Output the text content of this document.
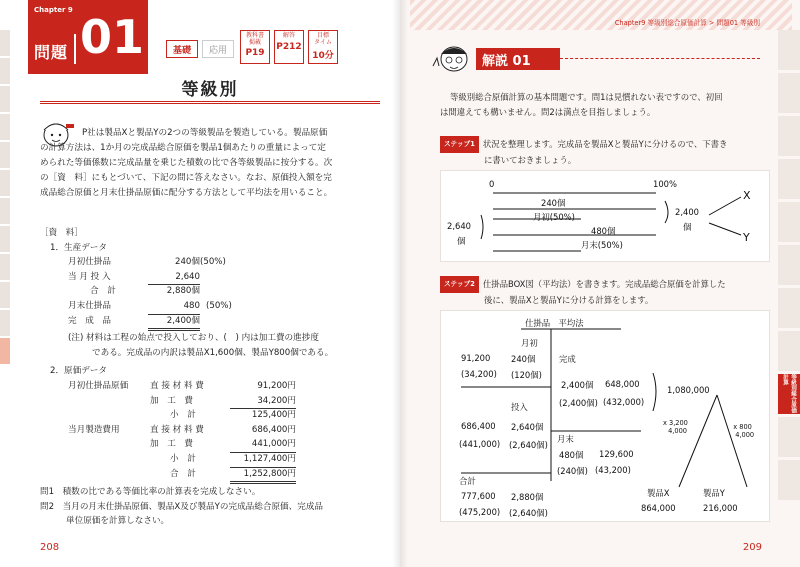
Chapter 9
問題 01	基礎	応用
教科書
掲載
P19
解答
P212
目標
タイム
10分
等級別
P社は製品Xと製品Yの2つの等級製品を製造している。製品原価
の計算方法は、1か月の完成品総合原価を製品1個あたりの重量によって定
められた等価係数に完成品量を乗じた積数の比で各等級製品に按分する。次
の［資　料］にもとづいて、下記の問に答えなさい。なお、原価投入額を完
成品総合原価と月末仕掛品原価に配分する方法として平均法を用いること。
［資　料］
1．生産データ
月初仕掛品	240個 (50%)
当 月 投 入	2,640
合　計	2,880個
月末仕掛品	480 (50%)
完　成　品	2,400個
(注) 材料は工程の始点で投入しており、(　) 内は加工費の進捗度
である。完成品の内訳は製品X1,600個、製品Y800個である。
2．原価データ
月初仕掛品原価	直 接 材 料 費	91,200円
加　工　費	34,200円
小　計	125,400円
当月製造費用	直 接 材 料 費	686,400円
加　工　費	441,000円
小　計	1,127,400円
合　計	1,252,800円
問1　積数の比である等価比率の計算表を完成しなさい。
問2　当月の月末仕掛品原価、製品X及び製品Yの完成品総合原価、完成品
単位原価を計算しなさい。
208	209
Chapter9 等級別総合原価計算 > 問題01 等級別
解説 01
等級別総合原価計算の基本問題です。問1は見慣れない表ですので、初回
は間違えても構いません。問2は満点を目指しましょう。
ステップ1 状況を整理します。完成品を製品Xと製品Yに分けるので、下書き
に書いておきましょう。
0	100%
240個
月初(50%)
2,640
個
480個
月末(50%)
2,400
個
X
Y
ステップ2 仕掛品BOX図（平均法）を書きます。完成品総合原価を計算した
後に、製品Xと製品Yに分ける計算をします。
仕掛品　平均法
月初
91,200 240個
(34,200) (120個)
完成
2,400個 648,000
(2,400個) (432,000)
1,080,000
投入
686,400 2,640個
(441,000) (2,640個)
月末
480個 129,600
(240個) (43,200)
x 3,200
4,000	x 800
4,000
合計
777,600 2,880個
(475,200) (2,640個)
製品X	製品Y
864,000	216,000
等級別総合原価計算
